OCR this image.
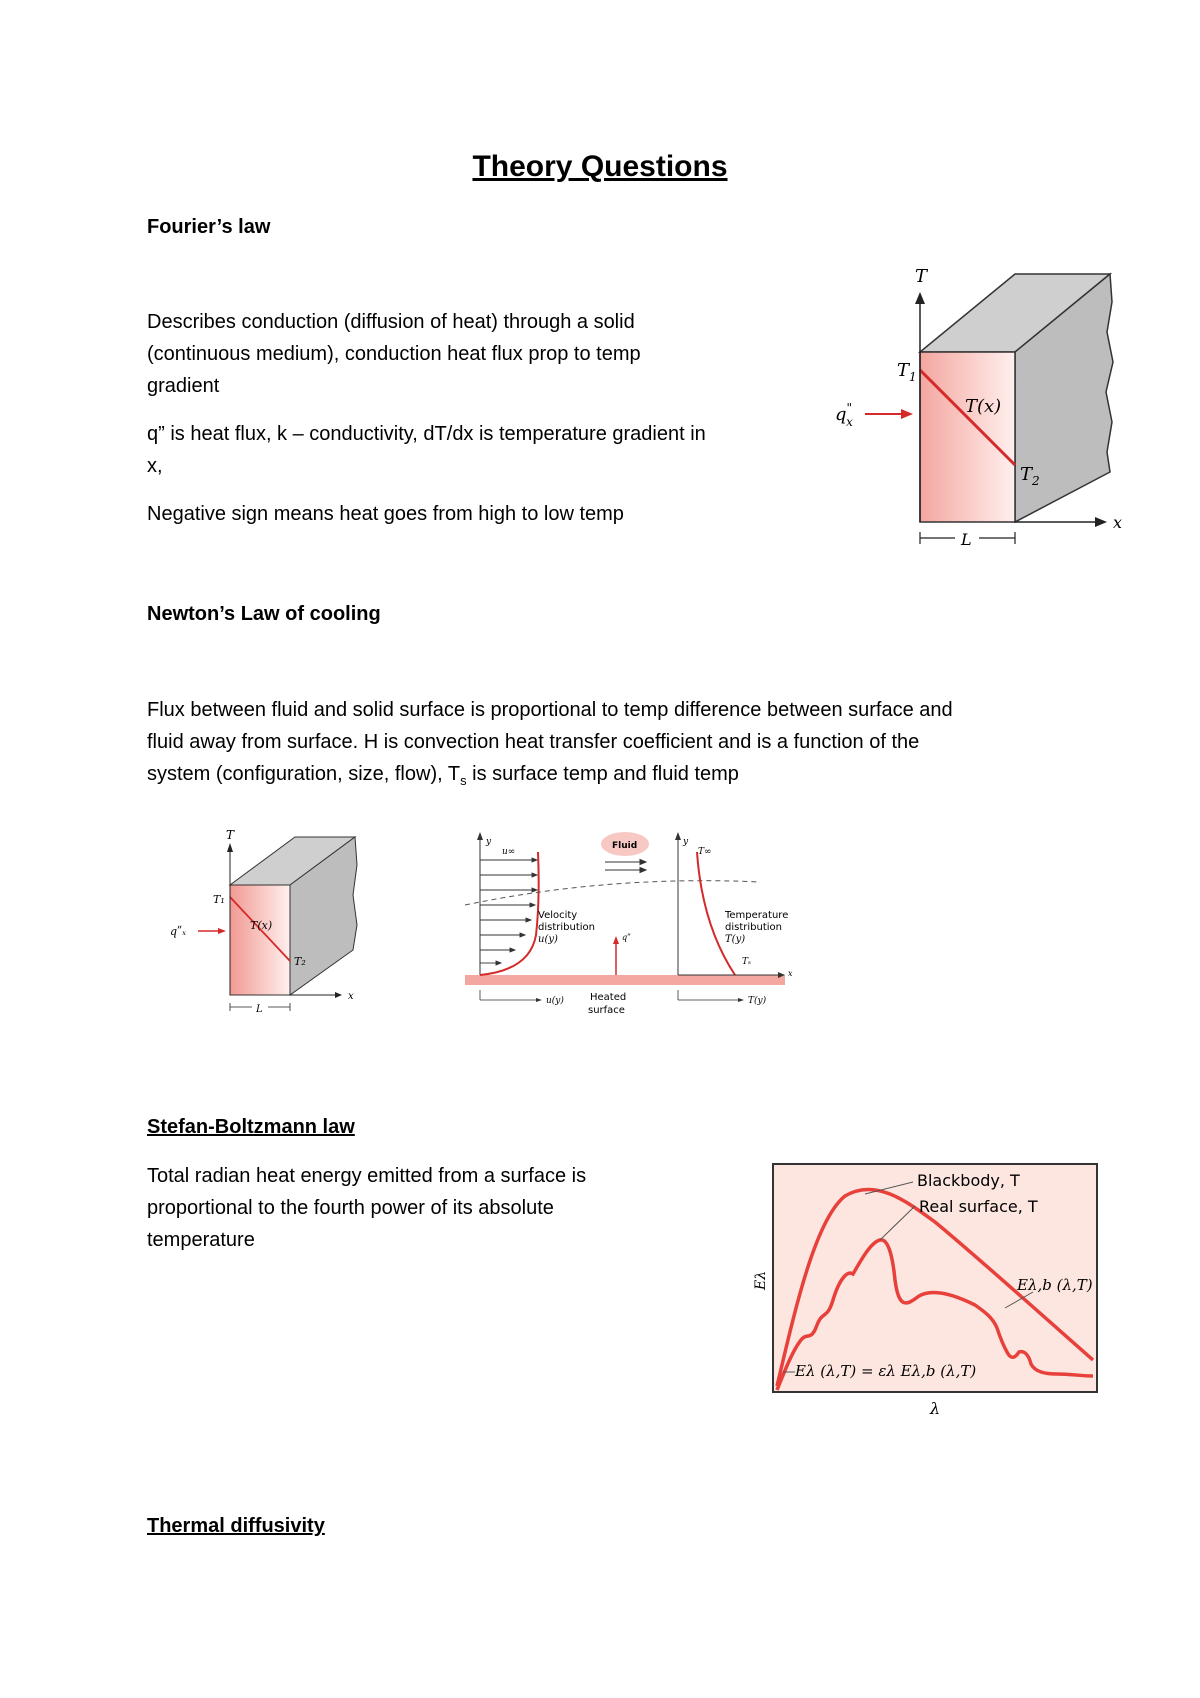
Theory Questions
Fourier’s law
Describes conduction (diffusion of heat) through a solid
(continuous medium), conduction heat flux prop to temp
gradient
q” is heat flux, k – conductivity, dT/dx is temperature gradient in
x,
Negative sign means heat goes from high to low temp
T
x
$T_1$
T(x)
$T_2$
q" x
L
Newton’s Law of cooling
Flux between fluid and solid surface is proportional to temp difference between surface and
fluid away from surface. H is convection heat transfer coefficient and is a function of the
system (configuration, size, flow), $T_s$ is surface temp and fluid temp
T
x
T₁
T(x)
T₂
qʺₓ
L
y
u∞
Fluid
Velocity
distribution
u(y)	qʺ
y
T∞
Temperature
distribution
T(y)
Tₛ
x
u(y)	Heated
surface
T(y)
Stefan-Boltzmann law
Total radian heat energy emitted from a surface is
proportional to the fourth power of its absolute
temperature
Blackbody, T
Real surface, T
Eλ,b (λ,T)
Eλ (λ,T) = ελ Eλ,b (λ,T)
Eλ
λ
Thermal diffusivity
